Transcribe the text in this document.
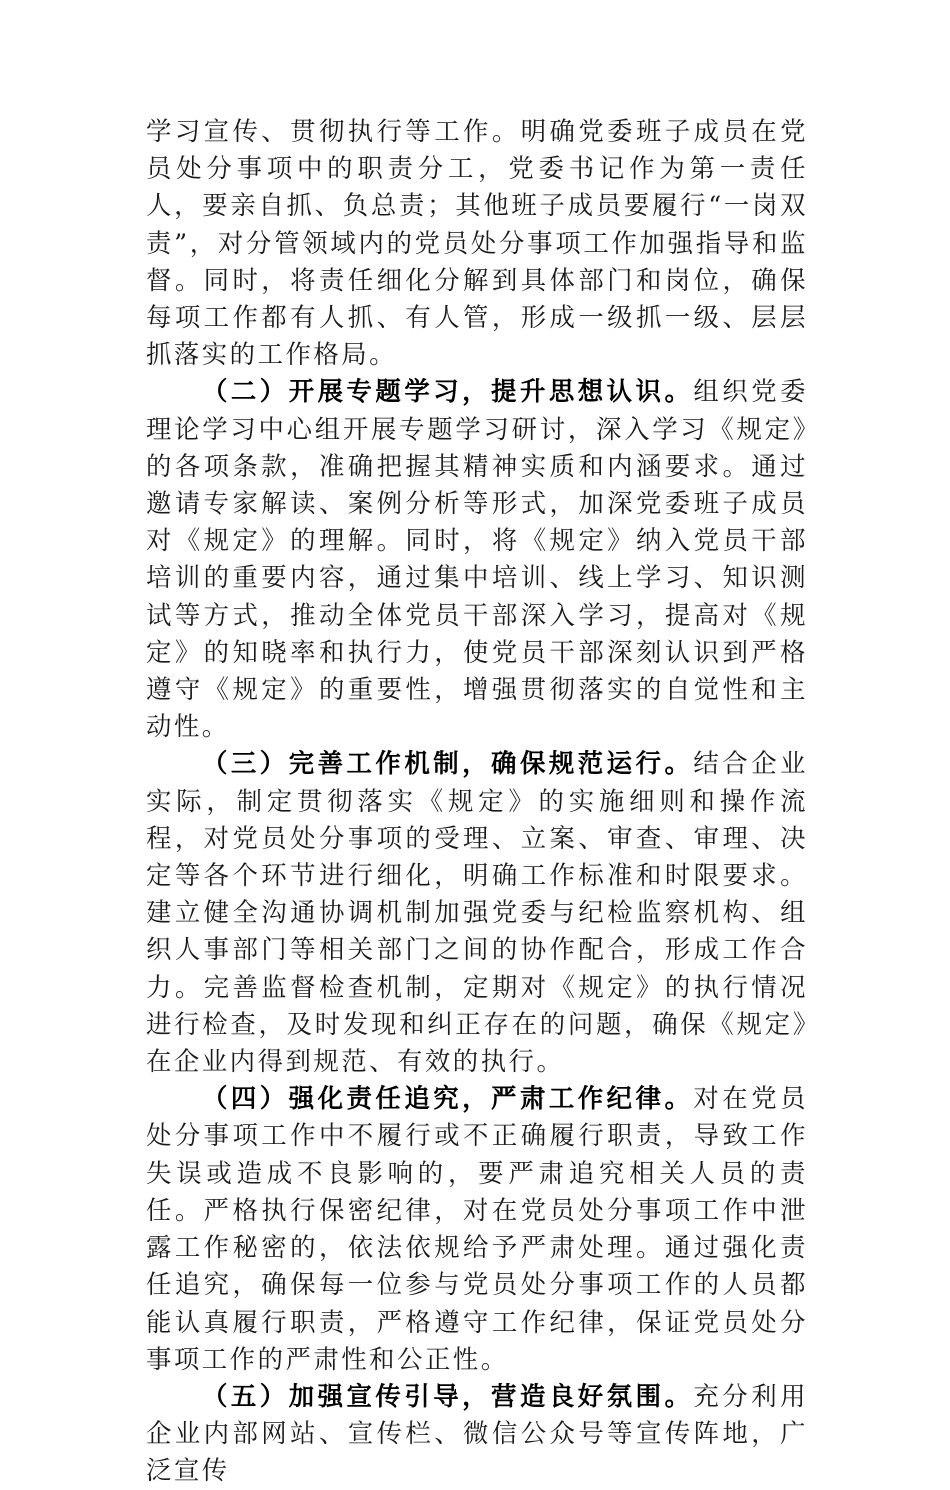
学习宣传、贯彻执行等工作。明确党委班子成员在党员处分事项中的职责分工，党委书记作为第一责任人，要亲自抓、负总责；其他班子成员要履行“一岗双责”，对分管领域内的党员处分事项工作加强指导和监督。同时，将责任细化分解到具体部门和岗位，确保每项工作都有人抓、有人管，形成一级抓一级、层层抓落实的工作格局。

（二）开展专题学习，提升思想认识。组织党委理论学习中心组开展专题学习研讨，深入学习《规定》的各项条款，准确把握其精神实质和内涵要求。通过邀请专家解读、案例分析等形式，加深党委班子成员对《规定》的理解。同时，将《规定》纳入党员干部培训的重要内容，通过集中培训、线上学习、知识测试等方式，推动全体党员干部深入学习，提高对《规定》的知晓率和执行力，使党员干部深刻认识到严格遵守《规定》的重要性，增强贯彻落实的自觉性和主动性。

（三）完善工作机制，确保规范运行。结合企业实际，制定贯彻落实《规定》的实施细则和操作流程，对党员处分事项的受理、立案、审查、审理、决定等各个环节进行细化，明确工作标准和时限要求。建立健全沟通协调机制加强党委与纪检监察机构、组织人事部门等相关部门之间的协作配合，形成工作合力。完善监督检查机制，定期对《规定》的执行情况进行检查，及时发现和纠正存在的问题，确保《规定》在企业内得到规范、有效的执行。

（四）强化责任追究，严肃工作纪律。对在党员处分事项工作中不履行或不正确履行职责，导致工作失误或造成不良影响的，要严肃追究相关人员的责任。严格执行保密纪律，对在党员处分事项工作中泄露工作秘密的，依法依规给予严肃处理。通过强化责任追究，确保每一位参与党员处分事项工作的人员都能认真履行职责，严格遵守工作纪律，保证党员处分事项工作的严肃性和公正性。

（五）加强宣传引导，营造良好氛围。充分利用企业内部网站、宣传栏、微信公众号等宣传阵地，广泛宣传
